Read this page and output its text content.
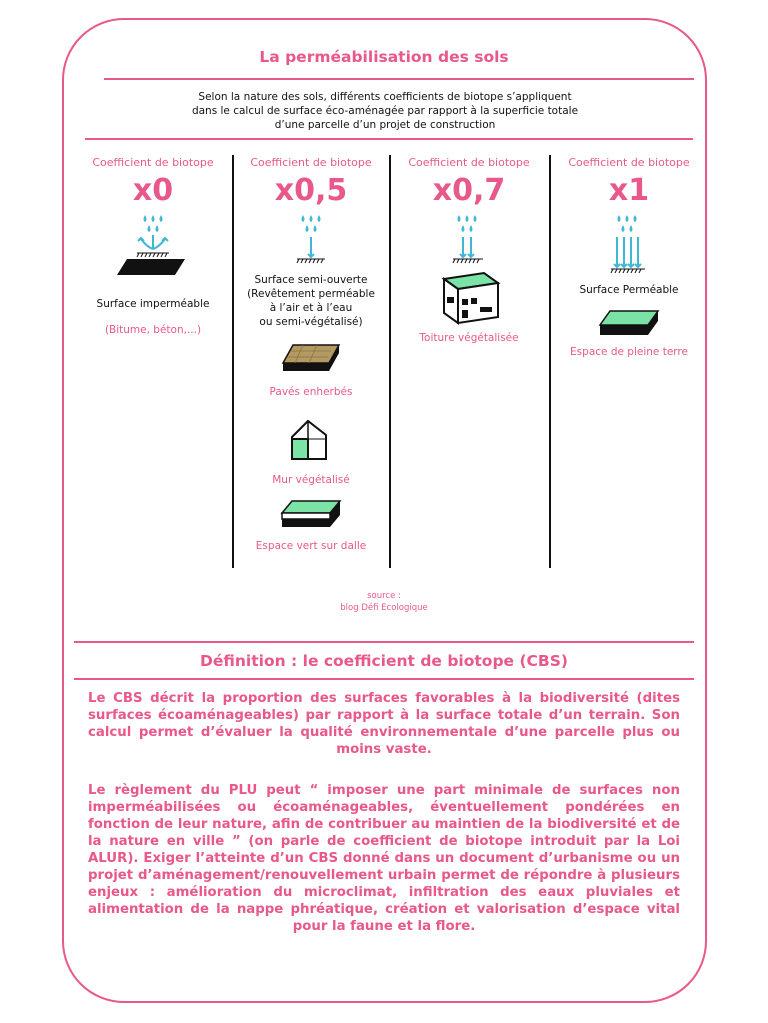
La perméabilisation des sols
Selon la nature des sols, différents coefficients de biotope s’appliquent
dans le calcul de surface éco-aménagée par rapport à la superficie totale
d’une parcelle d’un projet de construction
Coefficient de biotope
x0
Surface imperméable
(Bitume, béton,...)
Coefficient de biotope
x0,5
Surface semi-ouverte
(Revêtement perméable
à l’air et à l’eau
ou semi-végétalisé)
Pavés enherbés
Mur végétalisé
Espace vert sur dalle
Coefficient de biotope
x0,7
Toiture végétalisée
Coefficient de biotope
x1
Surface Perméable
Espace de pleine terre
source :
blog Défi Ecologique
Définition : le coefficient de biotope (CBS)
Le CBS décrit la proportion des surfaces favorables à la biodiversité (dites surfaces écoaménageables) par rapport à la surface totale d’un terrain. Son calcul permet d’évaluer la qualité environnementale d’une parcelle plus ou moins vaste.
Le règlement du PLU peut “ imposer une part minimale de surfaces non imperméabilisées ou écoaménageables, éventuellement pondérées en fonction de leur nature, afin de contribuer au maintien de la biodiversité et de la nature en ville ” (on parle de coefficient de biotope introduit par la Loi ALUR). Exiger l’atteinte d’un CBS donné dans un document d’urbanisme ou un projet d’aménagement/renouvellement urbain permet de répondre à plusieurs enjeux : amélioration du microclimat, infiltration des eaux pluviales et alimentation de la nappe phréatique, création et valorisation d’espace vital pour la faune et la flore.
